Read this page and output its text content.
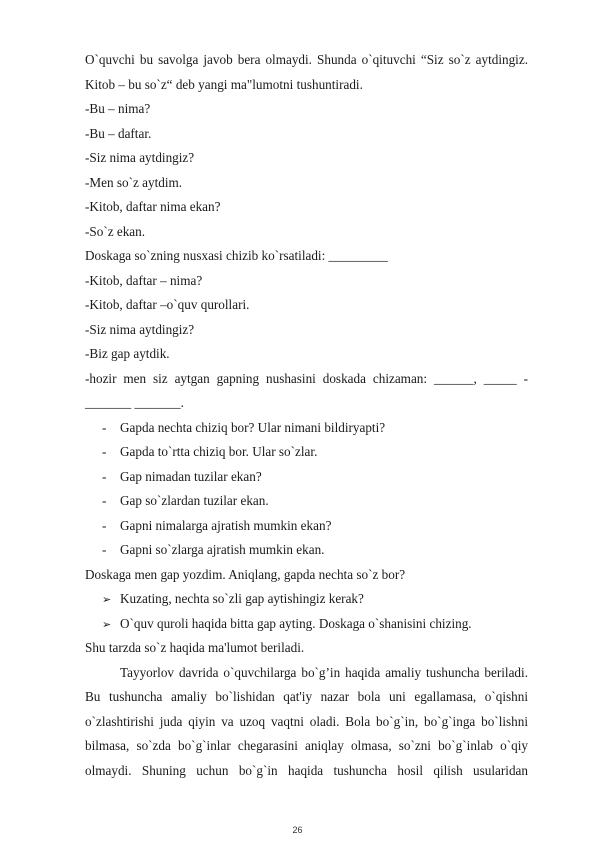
O`quvchi bu savolga javob bera olmaydi. Shunda o`qituvchi “Siz so`z aytdingiz.
Kitob – bu so`z“ deb yangi ma"lumotni tushuntiradi.
-Bu – nima?
-Bu – daftar.
-Siz nima aytdingiz?
-Men so`z aytdim.
-Kitob, daftar nima ekan?
-So`z ekan.
Doskaga so`zning nusxasi chizib ko`rsatiladi: _________
-Kitob, daftar – nima?
-Kitob, daftar –o`quv qurollari.
-Siz nima aytdingiz?
-Biz gap aytdik.
-hozir men siz aytgan gapning nushasini doskada chizaman: ______, _____ -
_______ _______.
- Gapda nechta chiziq bor? Ular nimani bildiryapti?
- Gapda to`rtta chiziq bor. Ular so`zlar.
- Gap nimadan tuzilar ekan?
- Gap so`zlardan tuzilar ekan.
- Gapni nimalarga ajratish mumkin ekan?
- Gapni so`zlarga ajratish mumkin ekan.
Doskaga men gap yozdim. Aniqlang, gapda nechta so`z bor?
➢ Kuzating, nechta so`zli gap aytishingiz kerak?
➢ O`quv quroli haqida bitta gap ayting. Doskaga o`shanisini chizing.
Shu tarzda so`z haqida ma'lumot beriladi.
Tayyorlov davrida o`quvchilarga bo`g’in haqida amaliy tushuncha beriladi.
Bu tushuncha amaliy bo`lishidan qat'iy nazar bola uni egallamasa, o`qishni
o`zlashtirishi juda qiyin va uzoq vaqtni oladi. Bola bo`g`in, bo`g`inga bo`lishni
bilmasa, so`zda bo`g`inlar chegarasini aniqlay olmasa, so`zni bo`g`inlab o`qiy
olmaydi. Shuning uchun bo`g`in haqida tushuncha hosil qilish usularidan
26
